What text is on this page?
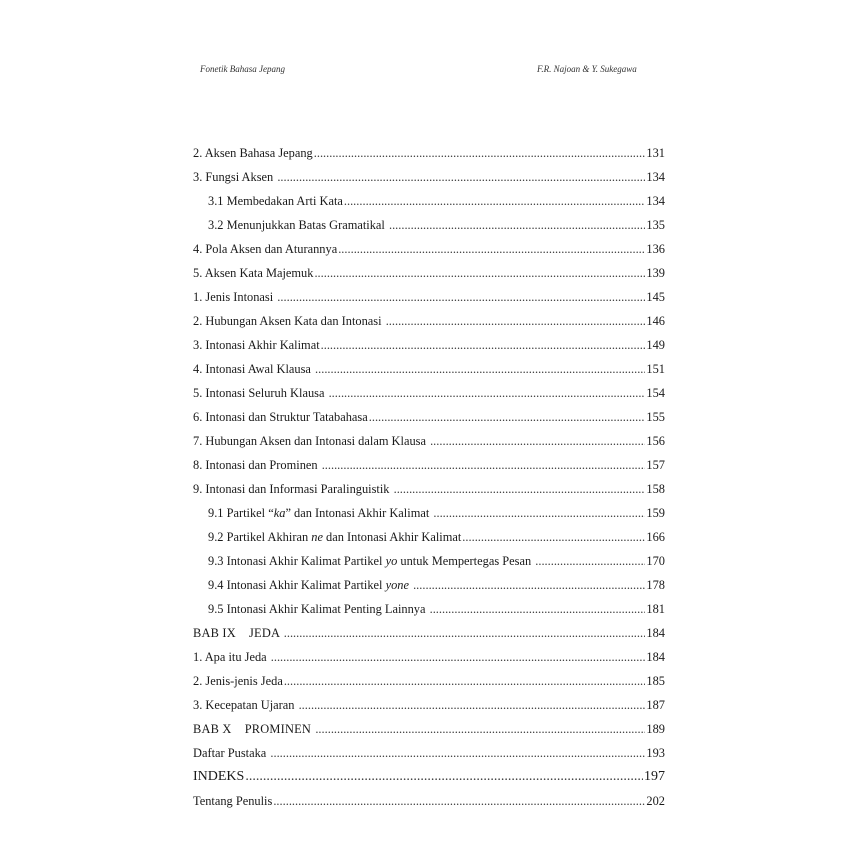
Fonetik Bahasa Jepang	F.R. Najoan & Y. Sukegawa
2. Aksen Bahasa Jepang .....	131
3. Fungsi Aksen .....	134
3.1 Membedakan Arti Kata .....	134
3.2 Menunjukkan Batas Gramatikal .....	135
4. Pola Aksen dan Aturannya .....	136
5. Aksen Kata Majemuk .....	139
1. Jenis Intonasi .....	145
2. Hubungan Aksen Kata dan Intonasi .....	146
3. Intonasi Akhir Kalimat .....	149
4. Intonasi Awal Klausa .....	151
5. Intonasi Seluruh Klausa .....	154
6. Intonasi dan Struktur Tatabahasa .....	155
7. Hubungan Aksen dan Intonasi dalam Klausa .....	156
8. Intonasi dan Prominen .....	157
9. Intonasi dan Informasi Paralinguistik .....	158
9.1 Partikel “ka” dan Intonasi Akhir Kalimat .....	159
9.2 Partikel Akhiran ne dan Intonasi Akhir Kalimat .....	166
9.3 Intonasi Akhir Kalimat Partikel yo untuk Mempertegas Pesan .....	170
9.4 Intonasi Akhir Kalimat Partikel yone .....	178
9.5 Intonasi Akhir Kalimat Penting Lainnya .....	181
BAB IX    JEDA .....	184
1. Apa itu Jeda .....	184
2. Jenis-jenis Jeda .....	185
3. Kecepatan Ujaran .....	187
BAB X    PROMINEN .....	189
Daftar Pustaka .....	193
INDEKS .....	197
Tentang Penulis .....	202
